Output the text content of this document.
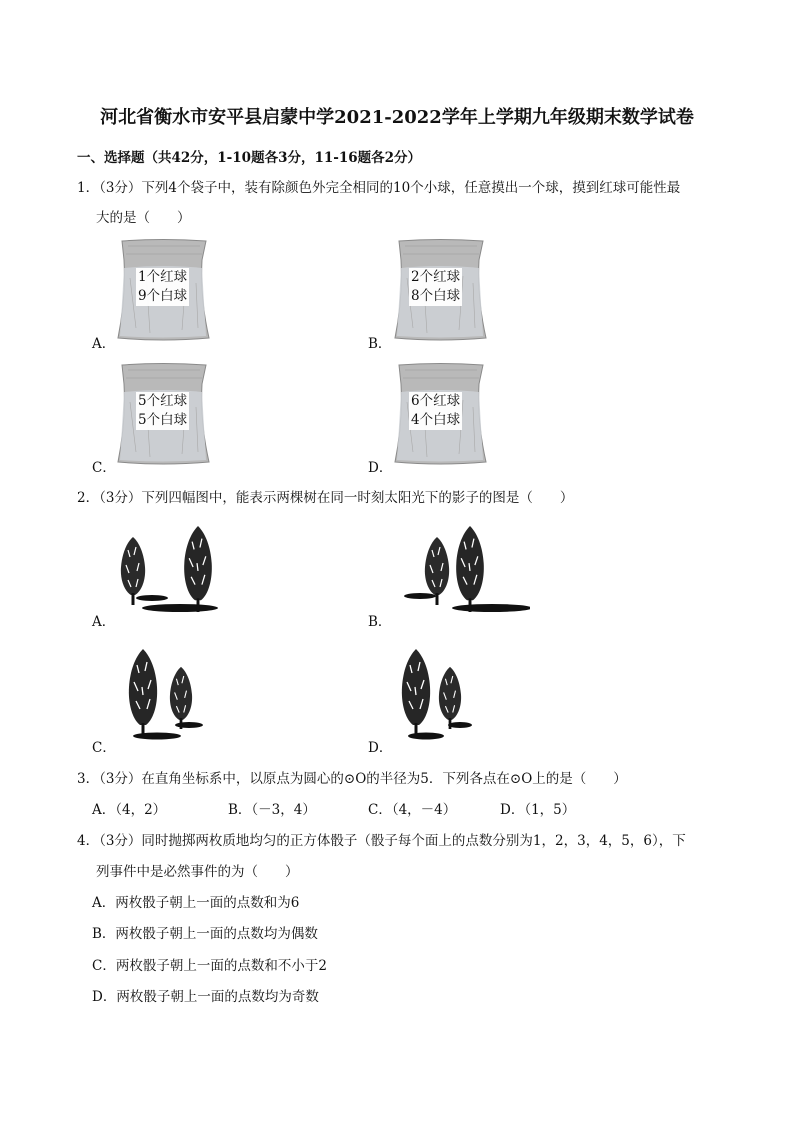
河北省衡水市安平县启蒙中学2021-2022学年上学期九年级期末数学试卷
一、选择题（共42分，1-10题各3分，11-16题各2分）
1．（3分）下列4个袋子中，装有除颜色外完全相同的10个小球，任意摸出一个球，摸到红球可能性最
大的是（　　）
1个红球
9个白球
A．
2个红球
8个白球
B．
5个红球
5个白球
C．
6个红球
4个白球
D．
2．（3分）下列四幅图中，能表示两棵树在同一时刻太阳光下的影子的图是（　　）
A．	B．
C．	D．
3．（3分）在直角坐标系中，以原点为圆心的⊙O的半径为5．下列各点在⊙O上的是（　　）
A．（4，2）	B．（－3，4）	C．（4，－4）	D．（1，5）
4．（3分）同时抛掷两枚质地均匀的正方体骰子（骰子每个面上的点数分别为1，2，3，4，5，6），下
列事件中是必然事件的为（　　）
A．两枚骰子朝上一面的点数和为6
B．两枚骰子朝上一面的点数均为偶数
C．两枚骰子朝上一面的点数和不小于2
D．两枚骰子朝上一面的点数均为奇数
